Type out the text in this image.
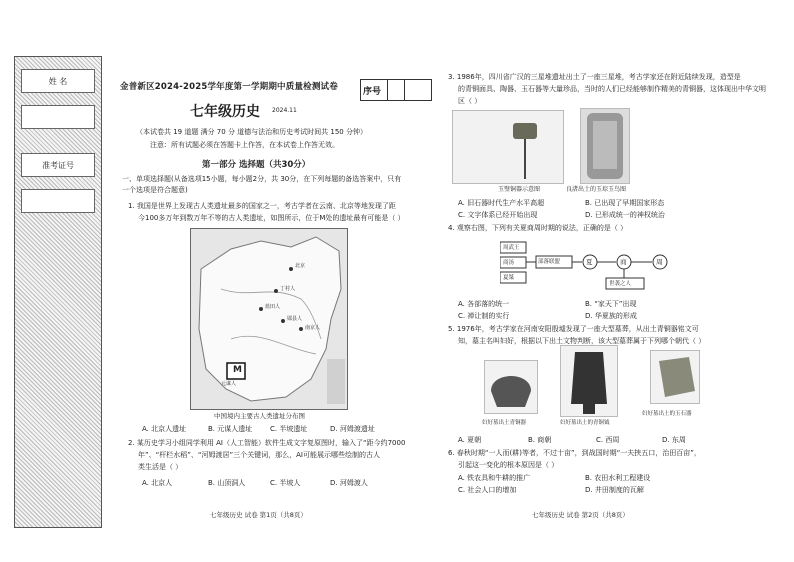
姓 名
准考证号
金普新区2024-2025学年度第一学期期中质量检测试卷	序号
七年级历史 2024.11
（本试卷共 19 道题 满分 70 分 道德与法治和历史考试时间共 150 分钟）
注意：所有试题必须在答题卡上作答，在本试卷上作答无效。
第一部分 选择题（共30分）
一、单项选择题(从备选项15小题，每小题2分，共 30分，在下列每题的备选答案中，只有
一个选项是符合题意)
1. 我国是世界上发现古人类遗址最多的国家之一，考古学者在云南、北京等地发现了距
今100多万年到数万年不等的古人类遗址，如图所示，位于M处的遗址最有可能是（ ）
M
北京
丁村人
蓝田人
郧县人
南京人
元谋人
中国境内主要古人类遗址分布图
A. 北京人遗址	B. 元谋人遗址	C. 半坡遗址	D. 河姆渡遗址
2. 某历史学习小组同学利用 AI（人工智能）软件生成文字复原图时，输入了“距今约7000
年”、“杆栏水稻”、“河姆渡居”三个关键词，那么，AI可能展示哪些绘制的古人
类生活是（ ）
A. 北京人	B. 山顶洞人	C. 半坡人	D. 河姆渡人
七年级历史 试卷 第1页（共8页）
3. 1986年，四川省广汉的三星堆遗址出土了一座三星堆，考古学家还在附近陆续发现，造型是
的青铜面具、陶器、玉石器等大量珍品，当时的人们已经能够制作精美的青铜器，这体现出中华文明
区（ ）
玉璧铜器示意图	良渚出土的玉琮玉鸟图
A. 旧石器时代生产水平高超	B. 已出现了早期国家形态
C. 文字体系已经开始出现	D. 已形成统一的神权统治
4. 观察右图，下列有关夏商周时期的说法，正确的是（ ）
周武王
商汤
夏桀
部落联盟	夏	商	周
世袭之人
A. 各部落的统一	B. “家天下”出现
C. 禅让制的实行	D. 华夏族的形成
5. 1976年，考古学家在河南安阳殷墟发现了一座大型墓葬，从出土青铜器铭文可
知，墓主名叫妇好，根据以下出土文物判断，该大型墓葬属于下列哪个朝代（ ）
妇好墓出土青铜器	妇好墓出土的青铜钺
妇好墓出土的玉石器
A. 夏朝	B. 商朝	C. 西周	D. 东周
6. 春秋时期“一人而(耕)等者，不过十亩”，到战国时期“一夫挟五口，治田百亩”，
引起这一变化的根本原因是（ ）
A. 铁农具和牛耕的推广	B. 农田水利工程建设
C. 社会人口的增加	D. 井田制度的瓦解
七年级历史 试卷 第2页（共8页）
